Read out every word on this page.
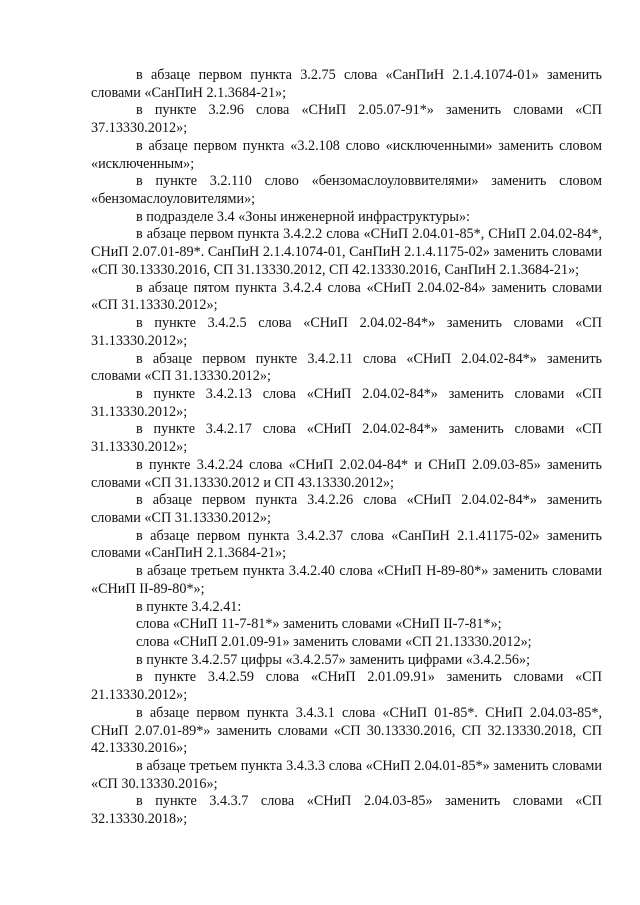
в абзаце первом пункта 3.2.75 слова «СанПиН 2.1.4.1074-01» заменить словами «СанПиН 2.1.3684-21»;

в пункте 3.2.96 слова «СНиП 2.05.07-91*» заменить словами «СП 37.13330.2012»;

в абзаце первом пункта «3.2.108 слово «исключенными» заменить словом «исключенным»;

в пункте 3.2.110 слово «бензомаслоуловвителями» заменить словом «бензомаслоуловителями»;

в подразделе 3.4 «Зоны инженерной инфраструктуры»:

в абзаце первом пункта 3.4.2.2 слова «СНиП 2.04.01-85*, СНиП 2.04.02-84*, СНиП 2.07.01-89*. СанПиН 2.1.4.1074-01, СанПиН 2.1.4.1175-02» заменить словами «СП 30.13330.2016, СП 31.13330.2012, СП 42.13330.2016, СанПиН 2.1.3684-21»;

в абзаце пятом пункта 3.4.2.4 слова «СНиП 2.04.02-84» заменить словами «СП 31.13330.2012»;

в пункте 3.4.2.5 слова «СНиП 2.04.02-84*» заменить словами «СП 31.13330.2012»;

в абзаце первом пункте 3.4.2.11 слова «СНиП 2.04.02-84*» заменить словами «СП 31.13330.2012»;

в пункте 3.4.2.13 слова «СНиП 2.04.02-84*» заменить словами «СП 31.13330.2012»;

в пункте 3.4.2.17 слова «СНиП 2.04.02-84*» заменить словами «СП 31.13330.2012»;

в пункте 3.4.2.24 слова «СНиП 2.02.04-84* и СНиП 2.09.03-85» заменить словами «СП 31.13330.2012 и СП 43.13330.2012»;

в абзаце первом пункта 3.4.2.26 слова «СНиП 2.04.02-84*» заменить словами «СП 31.13330.2012»;

в абзаце первом пункта 3.4.2.37 слова «СанПиН 2.1.41175-02» заменить словами «СанПиН 2.1.3684-21»;

в абзаце третьем пункта 3.4.2.40 слова «СНиП Н-89-80*» заменить словами «СНиП II-89-80*»;

в пункте 3.4.2.41:

слова «СНиП 11-7-81*» заменить словами «СНиП II-7-81*»;

слова «СНиП 2.01.09-91» заменить словами «СП 21.13330.2012»;

в пункте 3.4.2.57 цифры «3.4.2.57» заменить цифрами «3.4.2.56»;

в пункте 3.4.2.59 слова «СНиП 2.01.09.91» заменить словами «СП 21.13330.2012»;

в абзаце первом пункта 3.4.3.1 слова «СНиП 01-85*. СНиП 2.04.03-85*, СНиП 2.07.01-89*» заменить словами «СП 30.13330.2016, СП 32.13330.2018, СП 42.13330.2016»;

в абзаце третьем пункта 3.4.3.3 слова «СНиП 2.04.01-85*» заменить словами «СП 30.13330.2016»;

в пункте 3.4.3.7 слова «СНиП 2.04.03-85» заменить словами «СП 32.13330.2018»;
